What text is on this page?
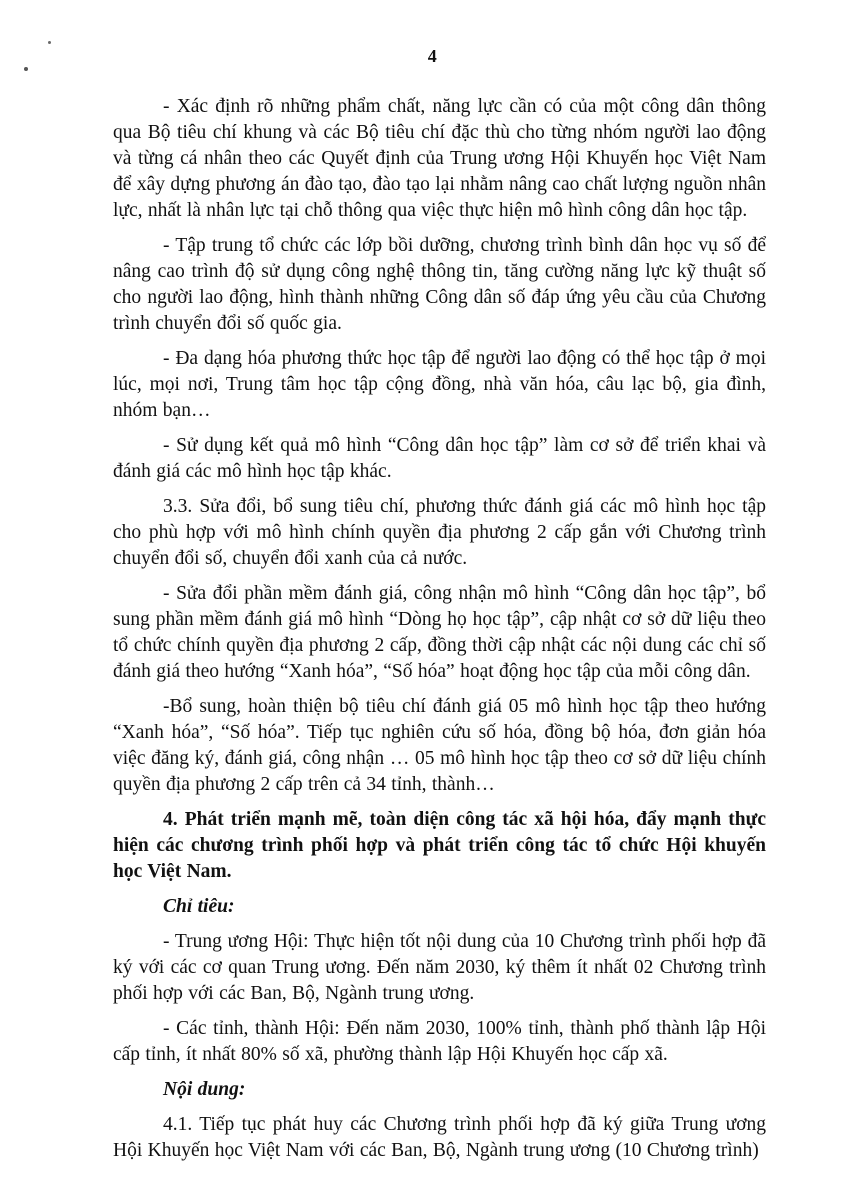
4

- Xác định rõ những phẩm chất, năng lực cần có của một công dân thông qua Bộ tiêu chí khung và các Bộ tiêu chí đặc thù cho từng nhóm người lao động và từng cá nhân theo các Quyết định của Trung ương Hội Khuyến học Việt Nam để xây dựng phương án đào tạo, đào tạo lại nhằm nâng cao chất lượng nguồn nhân lực, nhất là nhân lực tại chỗ thông qua việc thực hiện mô hình công dân học tập.

- Tập trung tổ chức các lớp bồi dưỡng, chương trình bình dân học vụ số để nâng cao trình độ sử dụng công nghệ thông tin, tăng cường năng lực kỹ thuật số cho người lao động, hình thành những Công dân số đáp ứng yêu cầu của Chương trình chuyển đổi số quốc gia.

- Đa dạng hóa phương thức học tập để người lao động có thể học tập ở mọi lúc, mọi nơi, Trung tâm học tập cộng đồng, nhà văn hóa, câu lạc bộ, gia đình, nhóm bạn…

- Sử dụng kết quả mô hình “Công dân học tập” làm cơ sở để triển khai và đánh giá các mô hình học tập khác.

3.3. Sửa đổi, bổ sung tiêu chí, phương thức đánh giá các mô hình học tập cho phù hợp với mô hình chính quyền địa phương 2 cấp gắn với Chương trình chuyển đổi số, chuyển đổi xanh của cả nước.

- Sửa đổi phần mềm đánh giá, công nhận mô hình “Công dân học tập”, bổ sung phần mềm đánh giá mô hình “Dòng họ học tập”, cập nhật cơ sở dữ liệu theo tổ chức chính quyền địa phương 2 cấp, đồng thời cập nhật các nội dung các chỉ số đánh giá theo hướng “Xanh hóa”, “Số hóa” hoạt động học tập của mỗi công dân.

-Bổ sung, hoàn thiện bộ tiêu chí đánh giá 05 mô hình học tập theo hướng “Xanh hóa”, “Số hóa”. Tiếp tục nghiên cứu số hóa, đồng bộ hóa, đơn giản hóa việc đăng ký, đánh giá, công nhận … 05 mô hình học tập theo cơ sở dữ liệu chính quyền địa phương 2 cấp trên cả 34 tỉnh, thành…

4. Phát triển mạnh mẽ, toàn diện công tác xã hội hóa, đẩy mạnh thực hiện các chương trình phối hợp và phát triển công tác tổ chức Hội khuyến học Việt Nam.

Chỉ tiêu:

- Trung ương Hội: Thực hiện tốt nội dung của 10 Chương trình phối hợp đã ký với các cơ quan Trung ương. Đến năm 2030, ký thêm ít nhất 02 Chương trình phối hợp với các Ban, Bộ, Ngành trung ương.

- Các tỉnh, thành Hội: Đến năm 2030, 100% tỉnh, thành phố thành lập Hội cấp tỉnh, ít nhất 80% số xã, phường thành lập Hội Khuyến học cấp xã.

Nội dung:

4.1. Tiếp tục phát huy các Chương trình phối hợp đã ký giữa Trung ương Hội Khuyến học Việt Nam với các Ban, Bộ, Ngành trung ương (10 Chương trình)
